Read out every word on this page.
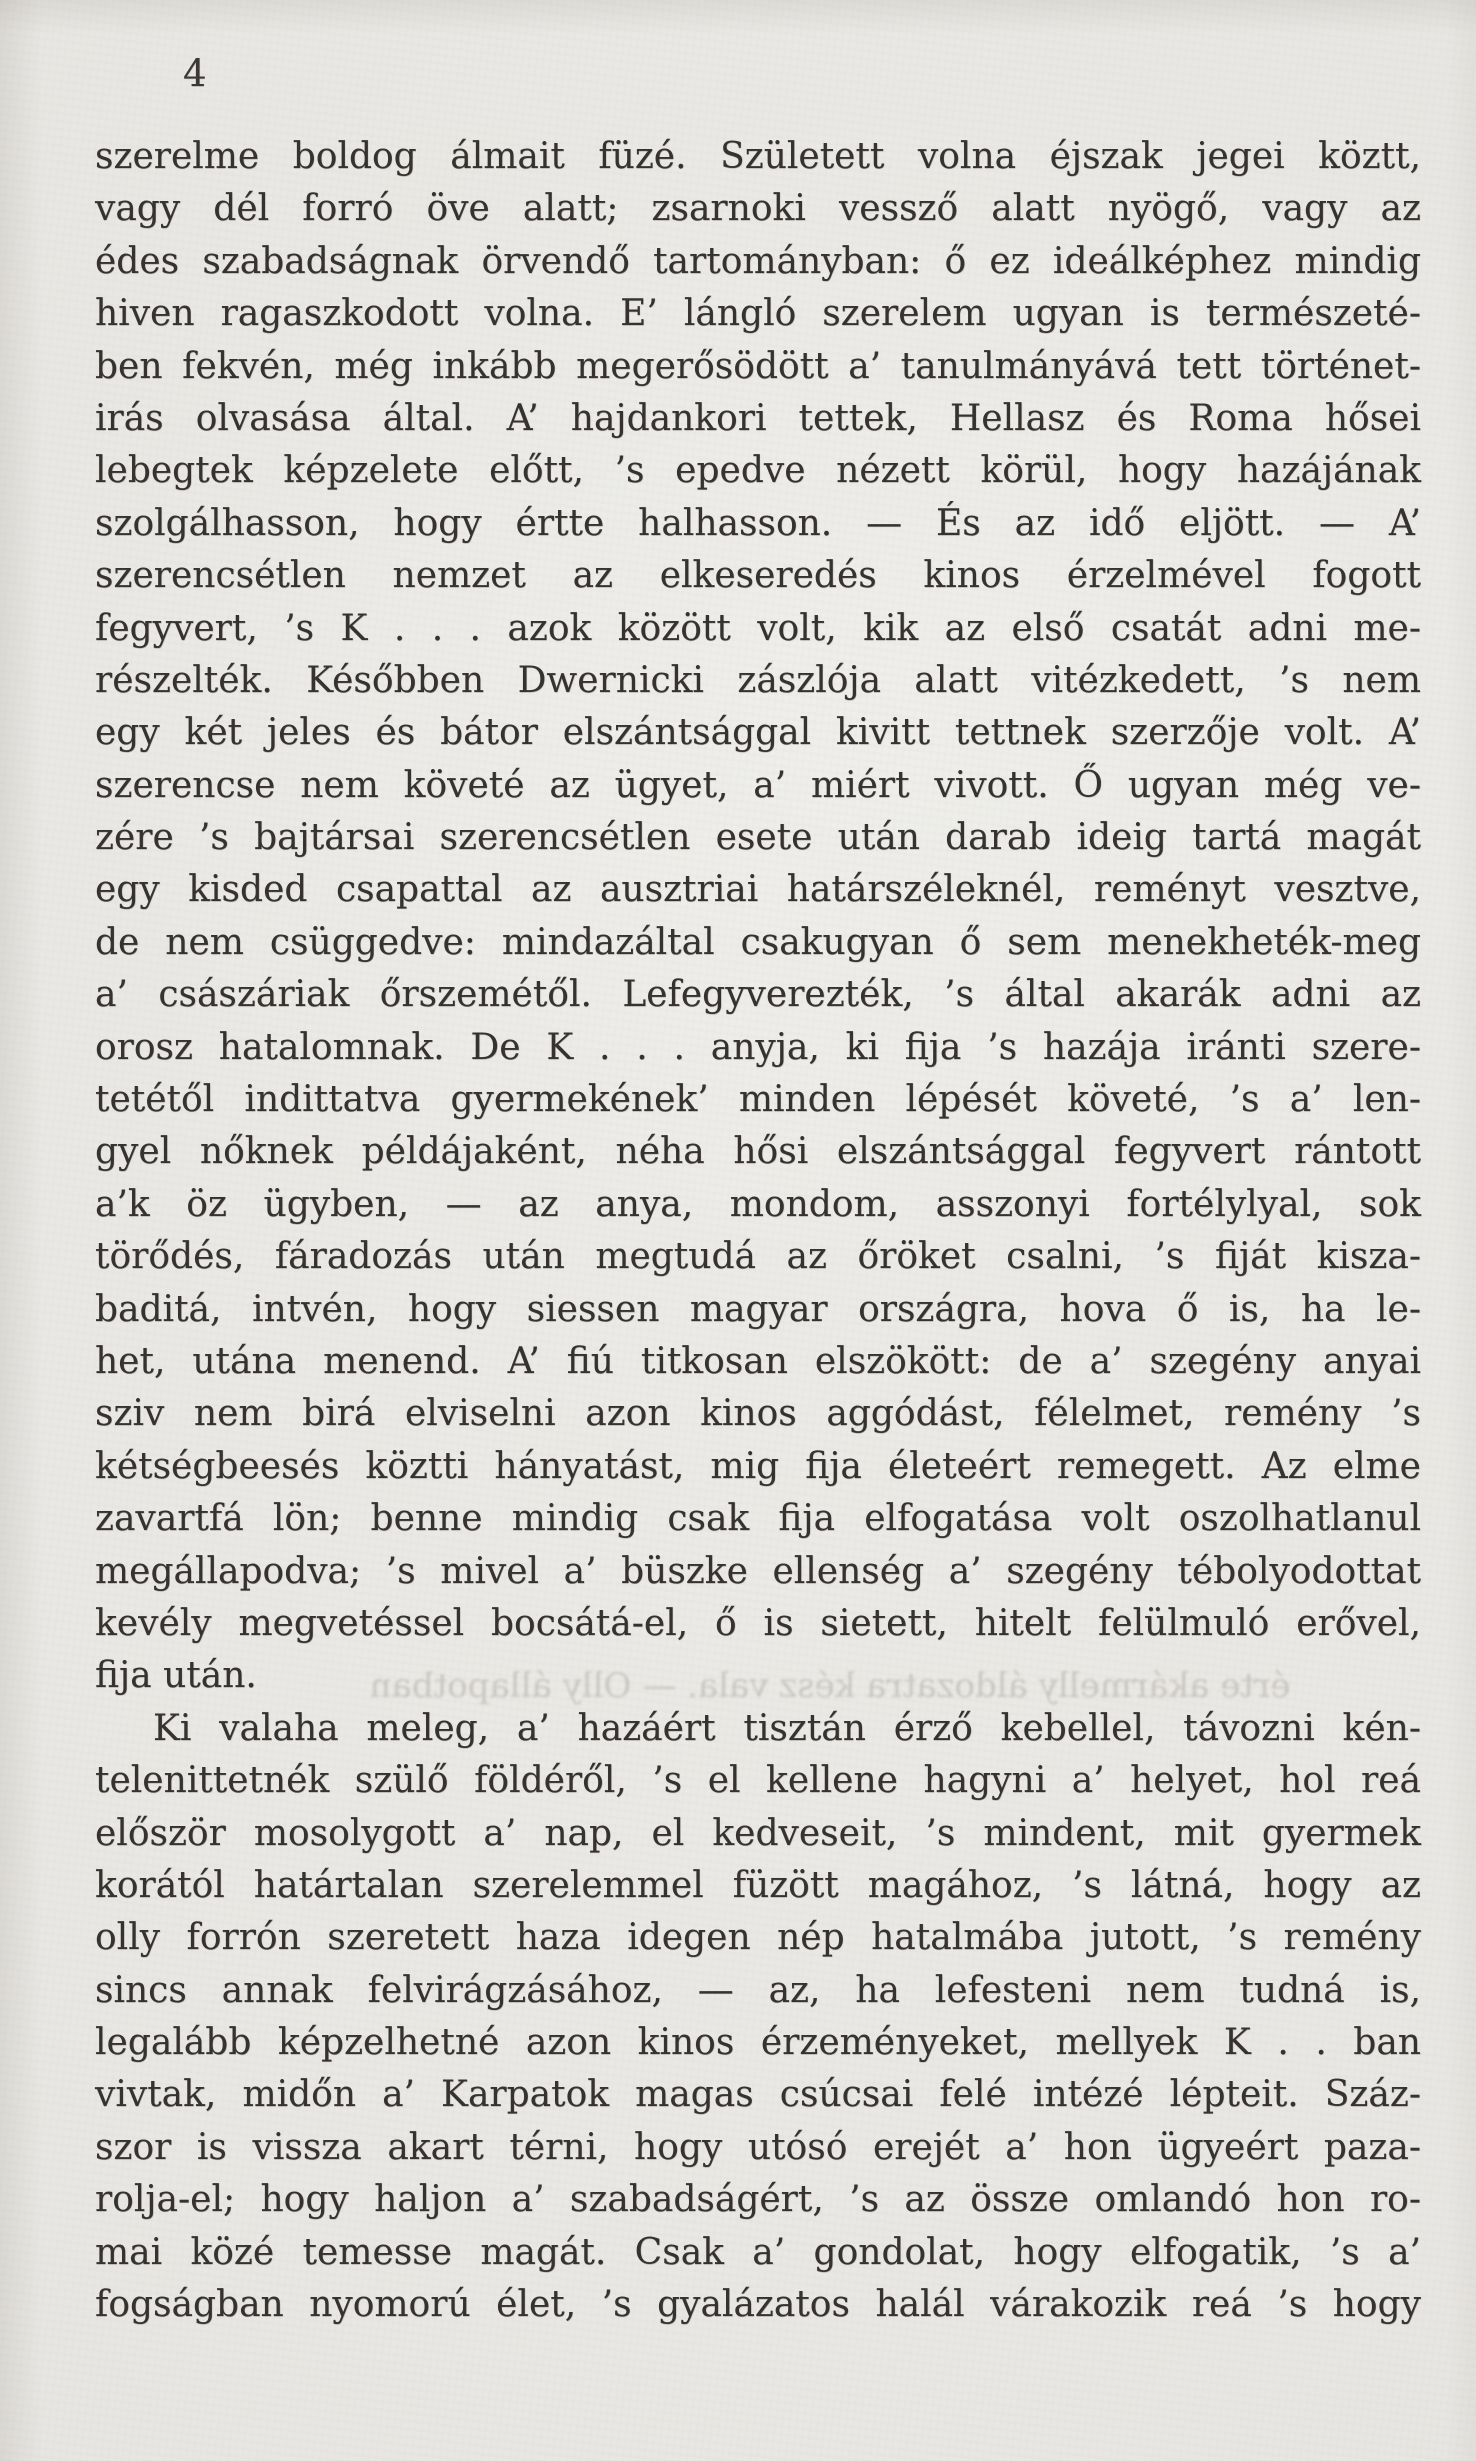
4
szerelme boldog álmait füzé. Született volna éjszak jegei köztt,
vagy dél forró öve alatt; zsarnoki vessző alatt nyögő, vagy az
édes szabadságnak örvendő tartományban: ő ez ideálképhez mindig
hiven ragaszkodott volna. E’ lángló szerelem ugyan is természeté-
ben fekvén, még inkább megerősödött a’ tanulmányává tett történet-
irás olvasása által. A’ hajdankori tettek, Hellasz és Roma hősei
lebegtek képzelete előtt, ’s epedve nézett körül, hogy hazájának
szolgálhasson, hogy értte halhasson. — És az idő eljött. — A’
szerencsétlen nemzet az elkeseredés kinos érzelmével fogott
fegyvert, ’s K . . . azok között volt, kik az első csatát adni me-
részelték. Későbben Dwernicki zászlója alatt vitézkedett, ’s nem
egy két jeles és bátor elszántsággal kivitt tettnek szerzője volt. A’
szerencse nem követé az ügyet, a’ miért vivott. Ő ugyan még ve-
zére ’s bajtársai szerencsétlen esete után darab ideig tartá magát
egy kisded csapattal az ausztriai határszéleknél, reményt vesztve,
de nem csüggedve: mindazáltal csakugyan ő sem menekheték-meg
a’ császáriak őrszemétől. Lefegyverezték, ’s által akarák adni az
orosz hatalomnak. De K . . . anyja, ki fija ’s hazája iránti szere-
tetétől indittatva gyermekének’ minden lépését követé, ’s a’ len-
gyel nőknek példájaként, néha hősi elszántsággal fegyvert rántott
a’k öz ügyben, — az anya, mondom, asszonyi fortélylyal, sok
törődés, fáradozás után megtudá az őröket csalni, ’s fiját kisza-
baditá, intvén, hogy siessen magyar országra, hova ő is, ha le-
het, utána menend. A’ fiú titkosan elszökött: de a’ szegény anyai
sziv nem birá elviselni azon kinos aggódást, félelmet, remény ’s
kétségbeesés köztti hányatást, mig fija életeért remegett. Az elme
zavartfá lön; benne mindig csak fija elfogatása volt oszolhatlanul
megállapodva; ’s mivel a’ büszke ellenség a’ szegény tébolyodottat
kevély megvetéssel bocsátá-el, ő is sietett, hitelt felülmuló erővel,
fija után.
Ki valaha meleg, a’ hazáért tisztán érző kebellel, távozni kén-
telenittetnék szülő földéről, ’s el kellene hagyni a’ helyet, hol reá
először mosolygott a’ nap, el kedveseit, ’s mindent, mit gyermek
korától határtalan szerelemmel füzött magához, ’s látná, hogy az
olly forrón szeretett haza idegen nép hatalmába jutott, ’s remény
sincs annak felvirágzásához, — az, ha lefesteni nem tudná is,
legalább képzelhetné azon kinos érzeményeket, mellyek K . . ban
vivtak, midőn a’ Karpatok magas csúcsai felé intézé lépteit. Száz-
szor is vissza akart térni, hogy utósó erejét a’ hon ügyeért paza-
rolja-el; hogy haljon a’ szabadságért, ’s az össze omlandó hon ro-
mai közé temesse magát. Csak a’ gondolat, hogy elfogatik, ’s a’
fogságban nyomorú élet, ’s gyalázatos halál várakozik reá ’s hogy
érte akármelly áldozatra kész vala. — Olly állapotban
